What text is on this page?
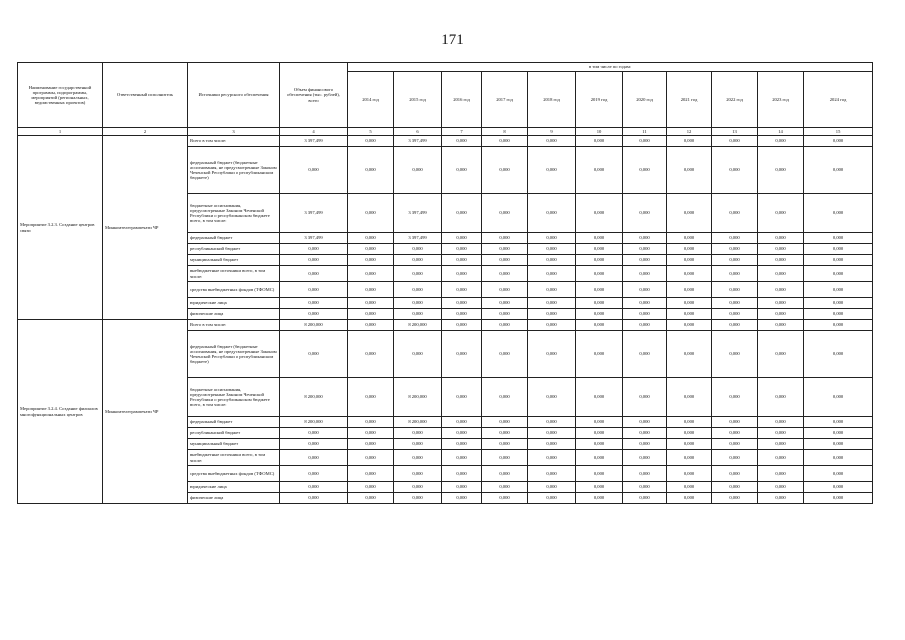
171
Наименование государственной программы, подпрограммы, мероприятий (региональных, ведомственных проектов)	Ответственный исполнитель	Источники ресурсного обеспечения	Объем финансового обеспечения (тыс. рублей), всего	в том числе по годам:										
				2014 год	2015 год	2016 год	2017 год	2018 год	2019 год	2020 год	2021 год	2022 год	2023 год	2024 год
1	2	3	4	5	6	7	8	9	10	11	12	13	14	15
Мероприятие 3.2.3. Создание центров связи	Минкомтелегрампечати ЧР	Всего в том числе:	3 397,499	0,000	3 397,499	0,000	0,000	0,000	0,000	0,000	0,000	0,000	0,000	0,000
		федеральный бюджет (бюджетные ассигнования, не предусмотренные Законом Чеченской Республики о республиканском бюджете)	0,000	0,000	0,000	0,000	0,000	0,000	0,000	0,000	0,000	0,000	0,000	0,000
		бюджетные ассигнования, предусмотренные Законом Чеченской Республики о республиканском бюджете всего, в том числе:	3 397,499	0,000	3 397,499	0,000	0,000	0,000	0,000	0,000	0,000	0,000	0,000	0,000
		федеральный бюджет	3 397,499	0,000	3 397,499	0,000	0,000	0,000	0,000	0,000	0,000	0,000	0,000	0,000
		республиканский бюджет	0,000	0,000	0,000	0,000	0,000	0,000	0,000	0,000	0,000	0,000	0,000	0,000
		муниципальный бюджет	0,000	0,000	0,000	0,000	0,000	0,000	0,000	0,000	0,000	0,000	0,000	0,000
		внебюджетные источники всего, в том числе:	0,000	0,000	0,000	0,000	0,000	0,000	0,000	0,000	0,000	0,000	0,000	0,000
		средства внебюджетных фондов (ТФОМС)	0,000	0,000	0,000	0,000	0,000	0,000	0,000	0,000	0,000	0,000	0,000	0,000
		юридические лица	0,000	0,000	0,000	0,000	0,000	0,000	0,000	0,000	0,000	0,000	0,000	0,000
		физические лица	0,000	0,000	0,000	0,000	0,000	0,000	0,000	0,000	0,000	0,000	0,000	0,000
Мероприятие 3.2.4. Создание филиалов многофункциональных центров	Минкомтелегрампечати ЧР	Всего в том числе:	8 200,000	0,000	8 200,000	0,000	0,000	0,000	0,000	0,000	0,000	0,000	0,000	0,000
		федеральный бюджет (бюджетные ассигнования, не предусмотренные Законом Чеченской Республики о республиканском бюджете)	0,000	0,000	0,000	0,000	0,000	0,000	0,000	0,000	0,000	0,000	0,000	0,000
		бюджетные ассигнования, предусмотренные Законом Чеченской Республики о республиканском бюджете всего, в том числе:	8 200,000	0,000	8 200,000	0,000	0,000	0,000	0,000	0,000	0,000	0,000	0,000	0,000
		федеральный бюджет	8 200,000	0,000	8 200,000	0,000	0,000	0,000	0,000	0,000	0,000	0,000	0,000	0,000
		республиканский бюджет	0,000	0,000	0,000	0,000	0,000	0,000	0,000	0,000	0,000	0,000	0,000	0,000
		муниципальный бюджет	0,000	0,000	0,000	0,000	0,000	0,000	0,000	0,000	0,000	0,000	0,000	0,000
		внебюджетные источники всего, в том числе:	0,000	0,000	0,000	0,000	0,000	0,000	0,000	0,000	0,000	0,000	0,000	0,000
		средства внебюджетных фондов (ТФОМС)	0,000	0,000	0,000	0,000	0,000	0,000	0,000	0,000	0,000	0,000	0,000	0,000
		юридические лица	0,000	0,000	0,000	0,000	0,000	0,000	0,000	0,000	0,000	0,000	0,000	0,000
		физические лица	0,000	0,000	0,000	0,000	0,000	0,000	0,000	0,000	0,000	0,000	0,000	0,000
